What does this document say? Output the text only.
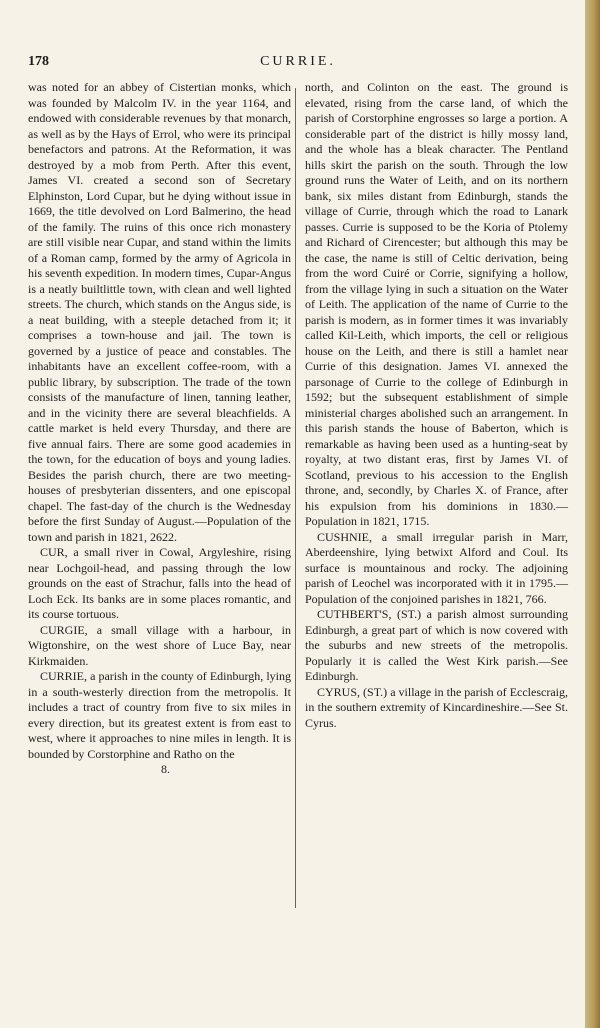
178	CURRIE.

was noted for an abbey of Cistertian monks, which was founded by Malcolm IV. in the year 1164, and endowed with considerable revenues by that monarch, as well as by the Hays of Errol, who were its principal benefactors and patrons. At the Reformation, it was destroyed by a mob from Perth. After this event, James VI. created a second son of Secretary Elphinston, Lord Cupar, but he dying without issue in 1669, the title devolved on Lord Balmerino, the head of the family. The ruins of this once rich monastery are still visible near Cupar, and stand within the limits of a Roman camp, formed by the army of Agricola in his seventh expedition. In modern times, Cupar-Angus is a neatly builtlittle town, with clean and well lighted streets. The church, which stands on the Angus side, is a neat building, with a steeple detached from it; it comprises a town-house and jail. The town is governed by a justice of peace and constables. The inhabitants have an excellent coffee-room, with a public library, by subscription. The trade of the town consists of the manufacture of linen, tanning leather, and in the vicinity there are several bleachfields. A cattle market is held every Thursday, and there are five annual fairs. There are some good academies in the town, for the education of boys and young ladies. Besides the parish church, there are two meeting-houses of presbyterian dissenters, and one episcopal chapel. The fast-day of the church is the Wednesday before the first Sunday of August.—Population of the town and parish in 1821, 2622.

CUR, a small river in Cowal, Argyleshire, rising near Lochgoil-head, and passing through the low grounds on the east of Strachur, falls into the head of Loch Eck. Its banks are in some places romantic, and its course tortuous.

CURGIE, a small village with a harbour, in Wigtonshire, on the west shore of Luce Bay, near Kirkmaiden.

CURRIE, a parish in the county of Edinburgh, lying in a south-westerly direction from the metropolis. It includes a tract of country from five to six miles in every direction, but its greatest extent is from east to west, where it approaches to nine miles in length. It is bounded by Corstorphine and Ratho on the

8.

north, and Colinton on the east. The ground is elevated, rising from the carse land, of which the parish of Corstorphine engrosses so large a portion. A considerable part of the district is hilly mossy land, and the whole has a bleak character. The Pentland hills skirt the parish on the south. Through the low ground runs the Water of Leith, and on its northern bank, six miles distant from Edinburgh, stands the village of Currie, through which the road to Lanark passes. Currie is supposed to be the Koria of Ptolemy and Richard of Cirencester; but although this may be the case, the name is still of Celtic derivation, being from the word Cuiré or Corrie, signifying a hollow, from the village lying in such a situation on the Water of Leith. The application of the name of Currie to the parish is modern, as in former times it was invariably called Kil-Leith, which imports, the cell or religious house on the Leith, and there is still a hamlet near Currie of this designation. James VI. annexed the parsonage of Currie to the college of Edinburgh in 1592; but the subsequent establishment of simple ministerial charges abolished such an arrangement. In this parish stands the house of Baberton, which is remarkable as having been used as a hunting-seat by royalty, at two distant eras, first by James VI. of Scotland, previous to his accession to the English throne, and, secondly, by Charles X. of France, after his expulsion from his dominions in 1830.—Population in 1821, 1715.

CUSHNIE, a small irregular parish in Marr, Aberdeenshire, lying betwixt Alford and Coul. Its surface is mountainous and rocky. The adjoining parish of Leochel was incorporated with it in 1795.—Population of the conjoined parishes in 1821, 766.

CUTHBERT'S, (ST.) a parish almost surrounding Edinburgh, a great part of which is now covered with the suburbs and new streets of the metropolis. Popularly it is called the West Kirk parish.—See Edinburgh.

CYRUS, (ST.) a village in the parish of Ecclescraig, in the southern extremity of Kincardineshire.—See St. Cyrus.
